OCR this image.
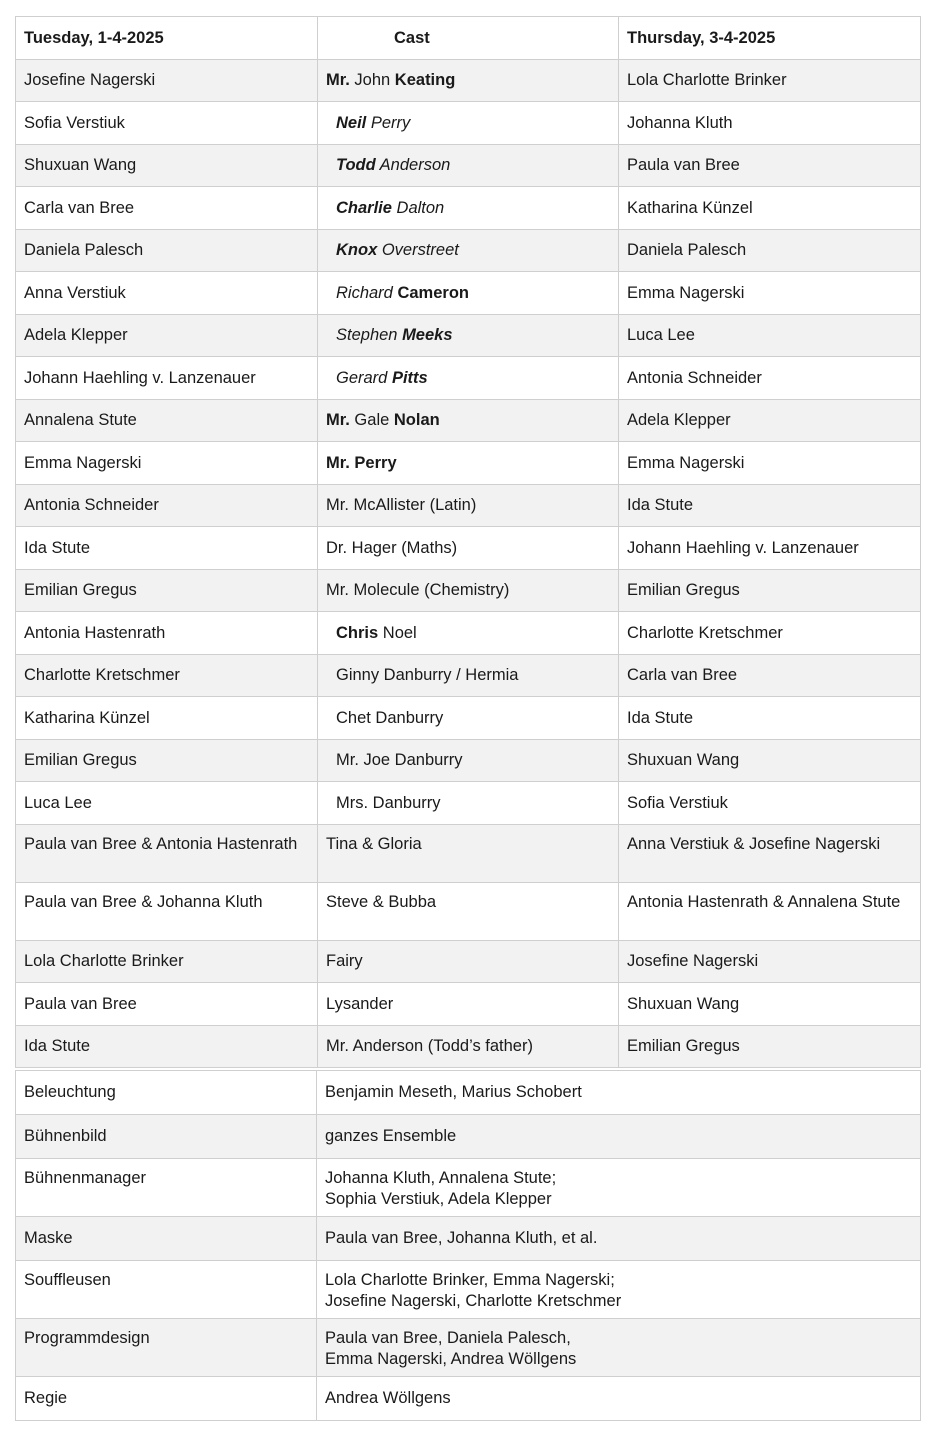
Tuesday, 1-4-2025	Cast	Thursday, 3-4-2025
Josefine Nagerski	Mr. John Keating	Lola Charlotte Brinker
Sofia Verstiuk	Neil Perry	Johanna Kluth
Shuxuan Wang	Todd Anderson	Paula van Bree
Carla van Bree	Charlie Dalton	Katharina Künzel
Daniela Palesch	Knox Overstreet	Daniela Palesch
Anna Verstiuk	Richard Cameron	Emma Nagerski
Adela Klepper	Stephen Meeks	Luca Lee
Johann Haehling v. Lanzenauer	Gerard Pitts	Antonia Schneider
Annalena Stute	Mr. Gale Nolan	Adela Klepper
Emma Nagerski	Mr. Perry	Emma Nagerski
Antonia Schneider	Mr. McAllister (Latin)	Ida Stute
Ida Stute	Dr. Hager (Maths)	Johann Haehling v. Lanzenauer
Emilian Gregus	Mr. Molecule (Chemistry)	Emilian Gregus
Antonia Hastenrath	Chris Noel	Charlotte Kretschmer
Charlotte Kretschmer	Ginny Danburry / Hermia	Carla van Bree
Katharina Künzel	Chet Danburry	Ida Stute
Emilian Gregus	Mr. Joe Danburry	Shuxuan Wang
Luca Lee	Mrs. Danburry	Sofia Verstiuk
Paula van Bree & Antonia Hastenrath	Tina & Gloria	Anna Verstiuk & Josefine Nagerski
Paula van Bree & Johanna Kluth	Steve & Bubba	Antonia Hastenrath & Annalena Stute
Lola Charlotte Brinker	Fairy	Josefine Nagerski
Paula van Bree	Lysander	Shuxuan Wang
Ida Stute	Mr. Anderson (Todd’s father)	Emilian Gregus
Beleuchtung	Benjamin Meseth, Marius Schobert
Bühnenbild	ganzes Ensemble
Bühnenmanager	Johanna Kluth, Annalena Stute;
Sophia Verstiuk, Adela Klepper
Maske	Paula van Bree, Johanna Kluth, et al.
Souffleusen	Lola Charlotte Brinker, Emma Nagerski;
Josefine Nagerski, Charlotte Kretschmer
Programmdesign	Paula van Bree, Daniela Palesch,
Emma Nagerski, Andrea Wöllgens
Regie	Andrea Wöllgens
